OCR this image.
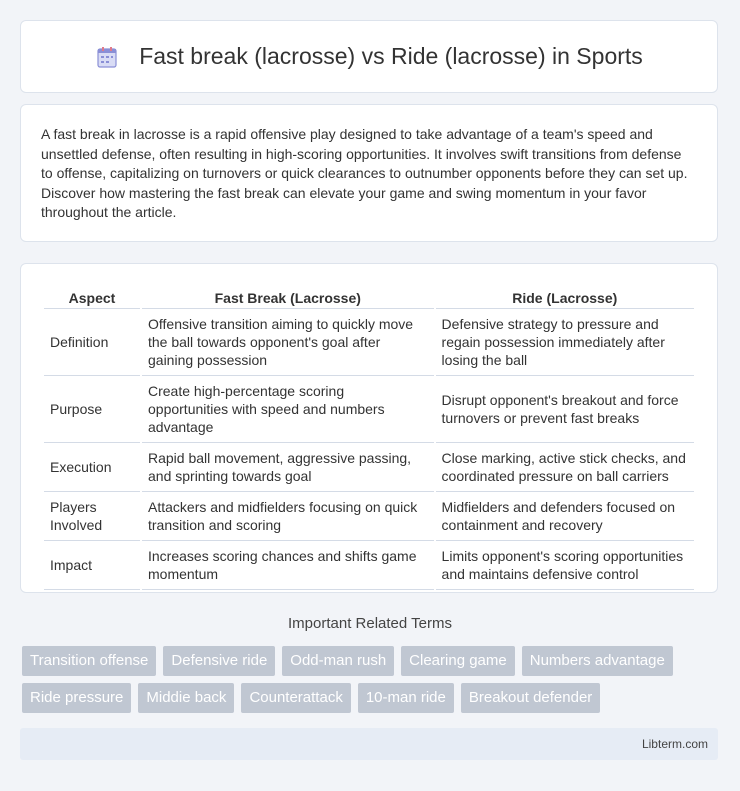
Fast break (lacrosse) vs Ride (lacrosse) in Sports

A fast break in lacrosse is a rapid offensive play designed to take advantage of a team's speed and unsettled defense, often resulting in high-scoring opportunities. It involves swift transitions from defense to offense, capitalizing on turnovers or quick clearances to outnumber opponents before they can set up. Discover how mastering the fast break can elevate your game and swing momentum in your favor throughout the article.

Aspect	Fast Break (Lacrosse)	Ride (Lacrosse)
Definition	Offensive transition aiming to quickly move the ball towards opponent's goal after gaining possession	Defensive strategy to pressure and regain possession immediately after losing the ball
Purpose	Create high-percentage scoring opportunities with speed and numbers advantage	Disrupt opponent's breakout and force turnovers or prevent fast breaks
Execution	Rapid ball movement, aggressive passing, and sprinting towards goal	Close marking, active stick checks, and coordinated pressure on ball carriers
Players Involved	Attackers and midfielders focusing on quick transition and scoring	Midfielders and defenders focused on containment and recovery
Impact	Increases scoring chances and shifts game momentum	Limits opponent's scoring opportunities and maintains defensive control
Important Related Terms
Transition offense	Defensive ride	Odd-man rush	Clearing game	Numbers advantage
Ride pressure	Middie back	Counterattack	10-man ride	Breakout defender
Libterm.com
